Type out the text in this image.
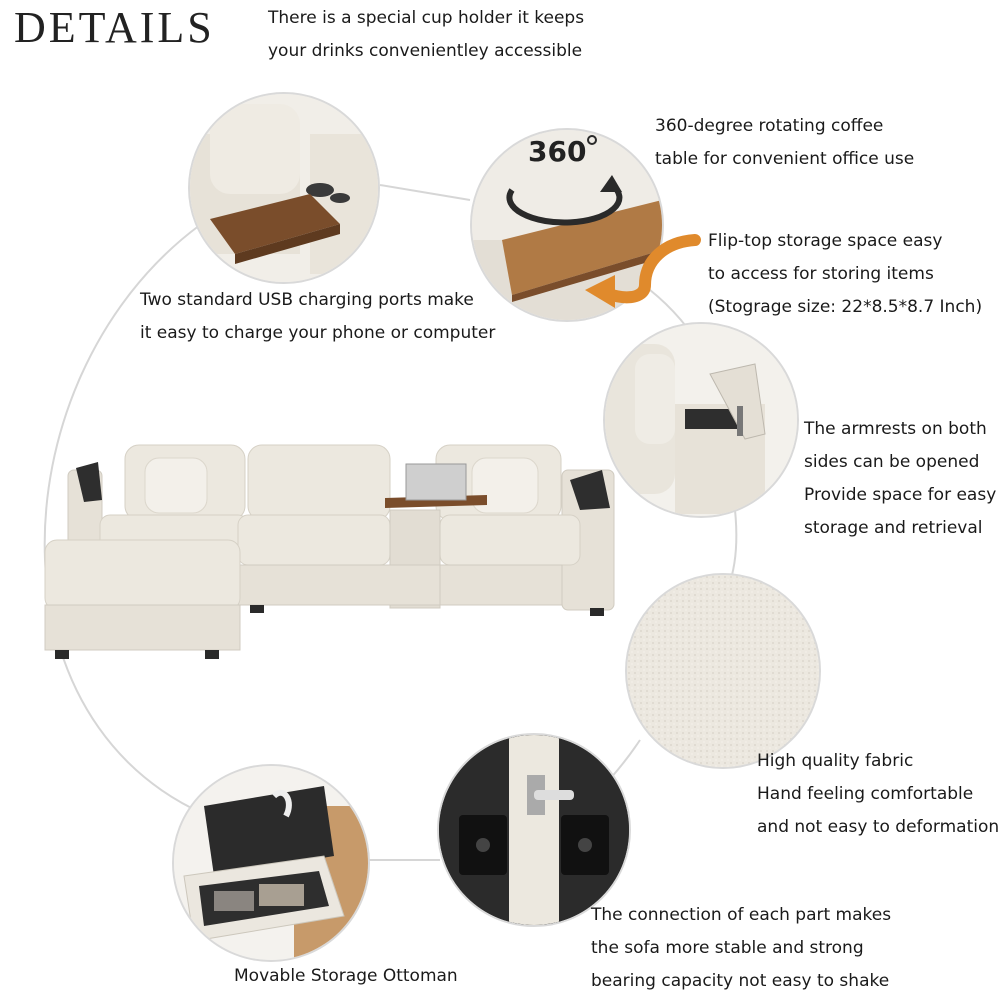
DETAILS	There is a special cup holder it keeps
your drinks convenientley accessible
Two standard USB charging ports make
it easy to charge your phone or computer
360
360-degree rotating coffee
table for convenient office use
Flip-top storage space easy
to access for storing items
(Stograge size: 22*8.5*8.7 Inch)
The armrests on both
sides can be opened
Provide space for easy
storage and retrieval
High quality fabric
Hand feeling comfortable
and not easy to deformation
Movable Storage Ottoman
The connection of each part makes
the sofa more stable and strong
bearing capacity not easy to shake
